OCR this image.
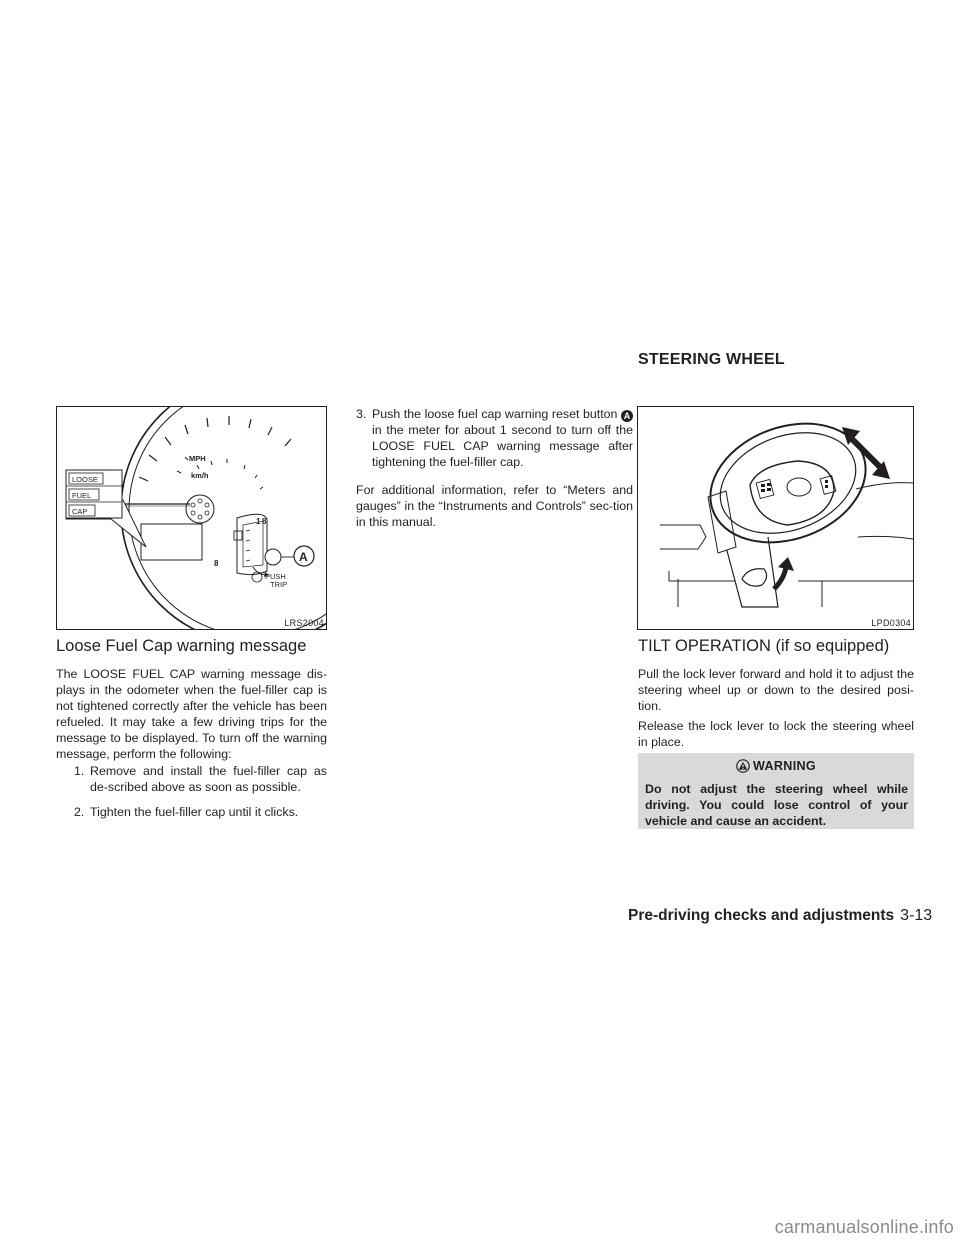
STEERING WHEEL
MPH
km/h
1 8
8
LOOSE
FUEL
CAP
A
PUSH
TRIP
LRS2004	LPD0304
Loose Fuel Cap warning message

The LOOSE FUEL CAP warning message dis-plays in the odometer when the fuel-filler cap is not tightened correctly after the vehicle has been refueled. It may take a few driving trips for the message to be displayed. To turn off the warning message, perform the following:

1. Remove and install the fuel-filler cap as de-scribed above as soon as possible.
2. Tighten the fuel-filler cap until it clicks.
3. Push the loose fuel cap warning reset button A in the meter for about 1 second to turn off the LOOSE FUEL CAP warning message after tightening the fuel-filler cap.

For additional information, refer to “Meters and gauges” in the “Instruments and Controls” sec-tion in this manual.

TILT OPERATION (if so equipped)

Pull the lock lever forward and hold it to adjust the steering wheel up or down to the desired posi-tion.

Release the lock lever to lock the steering wheel in place.

WARNING
Do not adjust the steering wheel while driving. You could lose control of your vehicle and cause an accident.
Pre-driving checks and adjustments 3-13
carmanualsonline.info
